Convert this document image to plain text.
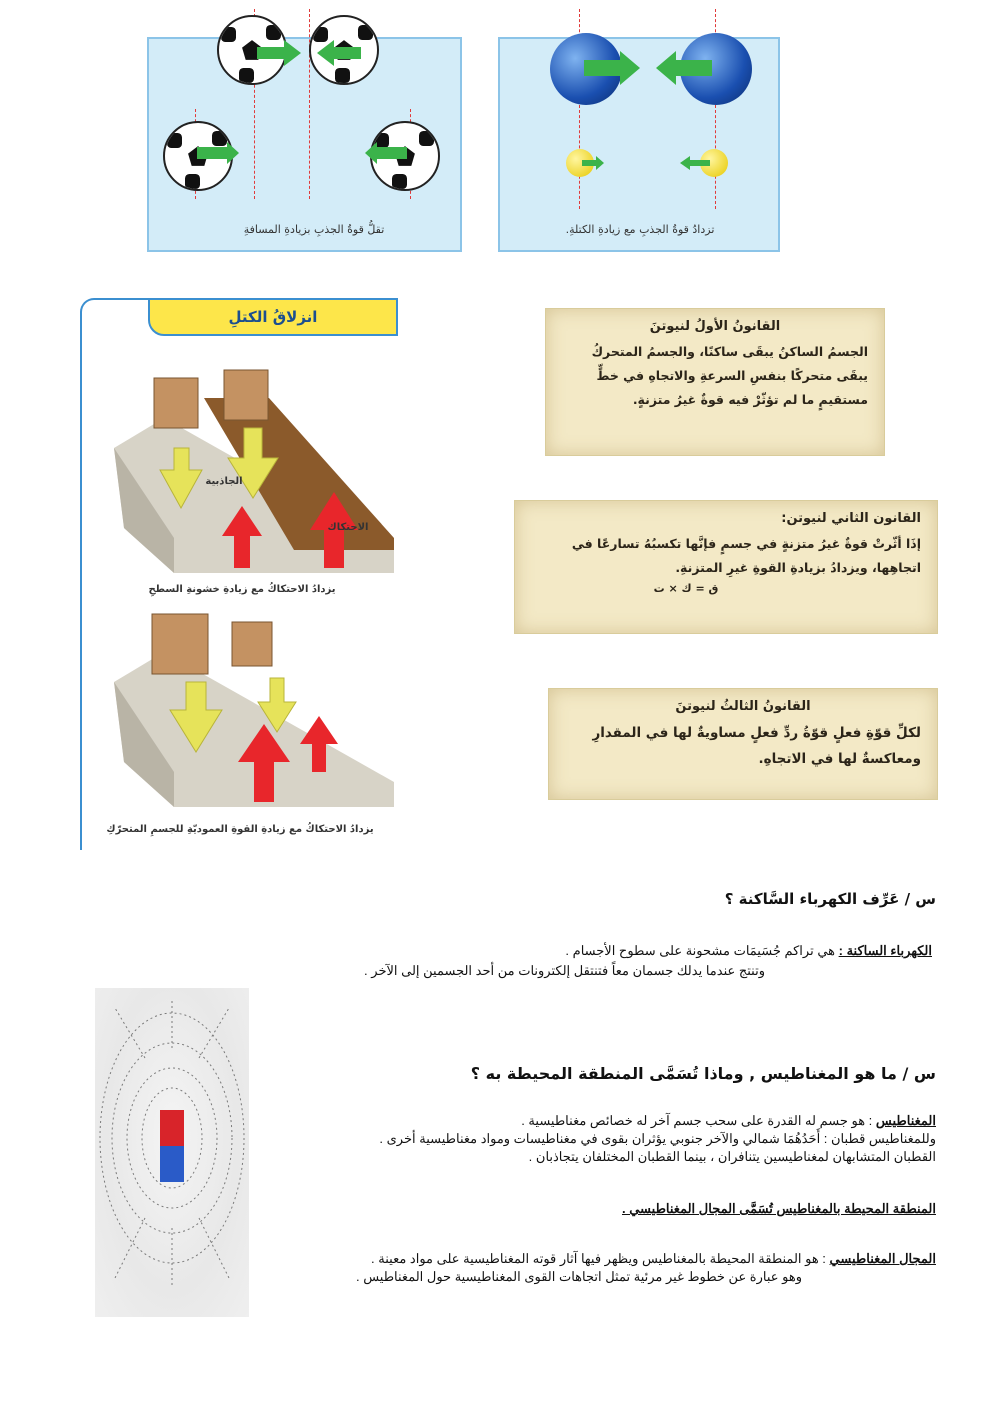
تقلُّ قوةُ الجذبِ بزيادةِ المسافةِ	تزدادُ قوةُ الجذبِ مع زيادةِ الكتلةِ.
انزلاقُ الكتلِ
الجاذبية
الاحتكاك
يزدادُ الاحتكاكُ مع زيادةِ خشونةِ السطحِ
يزدادُ الاحتكاكُ مع زيادةِ القوةِ العموديّةِ للجسمِ المتحرّكِ
القانونُ الأولُ لنيوتنَ

الجسمُ الساكنُ يبقَى ساكنًا، والجسمُ المتحركُ يبقَى متحركًا بنفسِ السرعةِ والاتجاهِ في خطٍّ مستقيمٍ ما لم تؤثّرْ فيه قوةٌ غيرُ متزنةٍ.

القانون الثاني لنيوتن:

إذَا أثّرتْ قوةٌ غيرُ متزنةٍ في جسمٍ فإنَّها تكسبُهُ تسارعًا في اتجاهِها، ويزدادُ بزيادةِ القوةِ غيرِ المتزنةِ.

ق = ك × ت
القانونُ الثالثُ لنيوتنَ

لكلِّ قوّةِ فعلٍ قوّةُ ردِّ فعلٍ مساويةٌ لها في المقدارِ ومعاكسةٌ لها في الاتجاهِ.

س / عَرِّف الكهرباء السَّاكنة ؟
الكهرباء الساكنة : هي تراكم جُسَيمَات مشحونة على سطوح الأجسام .
وتنتج عندما يدلك جسمان معاً فتنتقل إلكترونات من أحد الجسمين إلى الآخر .
س / ما هو المغناطيس , وماذا تُسَمَّى المنطقة المحيطة به ؟
المغناطيس : هو جسم له القدرة على سحب جسم آخر له خصائص مغناطيسية .
وللمغناطيس قطبان : أَحَدُهُمَا شمالي والآخر جنوبي يؤثران بقوى في مغناطيسات ومواد مغناطيسية أخرى .
القطبان المتشابهان لمغناطيسين يتنافران ، بينما القطبان المختلفان يتجاذبان .
المنطقة المحيطة بالمغناطيس تُسَمَّى المجال المغناطيسي .
المجال المغناطيسي : هو المنطقة المحيطة بالمغناطيس ويظهر فيها آثار قوته المغناطيسية على مواد معينة .
وهو عبارة عن خطوط غير مرئية تمثل اتجاهات القوى المغناطيسية حول المغناطيس .
